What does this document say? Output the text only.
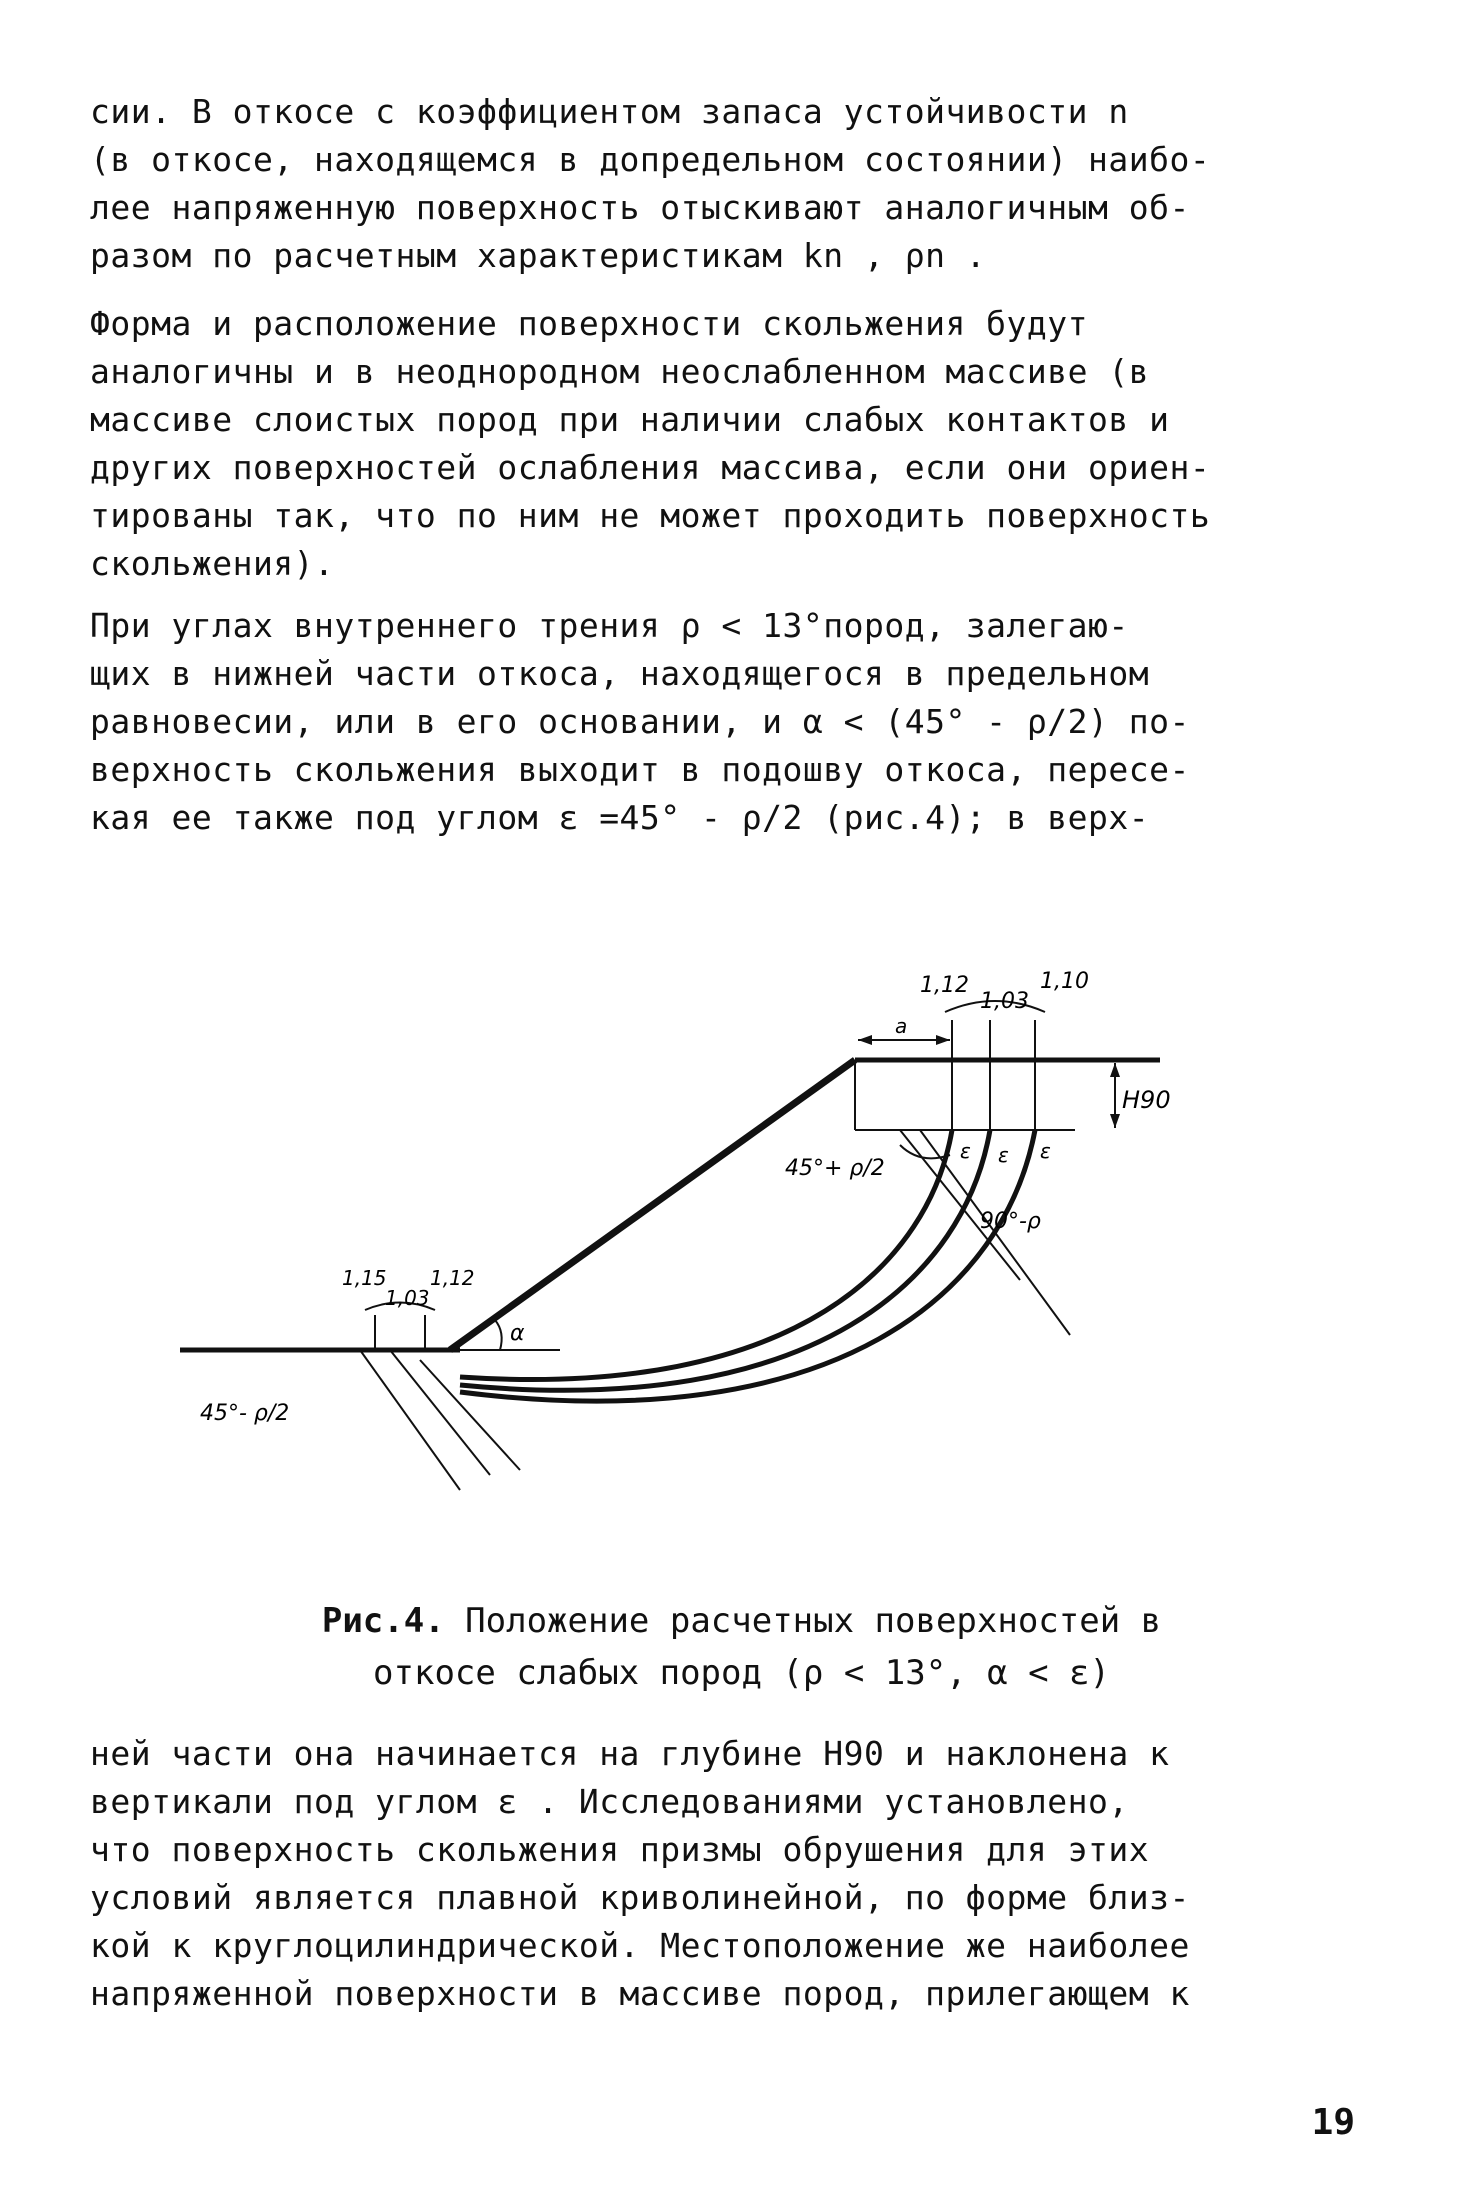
сии. В откосе с коэффициентом запаса устойчивости n
(в откосе, находящемся в допредельном состоянии) наибо-
лее напряженную поверхность отыскивают аналогичным об-
разом по расчетным характеристикам kn , ρn .
Форма и расположение поверхности скольжения будут
аналогичны и в неоднородном неослабленном массиве (в
массиве слоистых пород при наличии слабых контактов и
других поверхностей ослабления массива, если они ориен-
тированы так, что по ним не может проходить поверхность
скольжения).
При углах внутреннего трения ρ < 13°пород, залегаю-
щих в нижней части откоса, находящегося в предельном
равновесии, или в его основании, и α < (45° - ρ/2) по-
верхность скольжения выходит в подошву откоса, пересе-
кая ее также под углом ε =45° - ρ/2 (рис.4); в верх-
a
H90
1,12
1,03
1,10
ε ε ε
45°+ ρ/2
90°-ρ
1,15
1,03
1,12
45°- ρ/2
α
Рис.4. Положение расчетных поверхностей в
откосе слабых пород (ρ < 13°, α < ε)
ней части она начинается на глубине H90 и наклонена к
вертикали под углом ε . Исследованиями установлено,
что поверхность скольжения призмы обрушения для этих
условий является плавной криволинейной, по форме близ-
кой к круглоцилиндрической. Местоположение же наиболее
напряженной поверхности в массиве пород, прилегающем к
19
